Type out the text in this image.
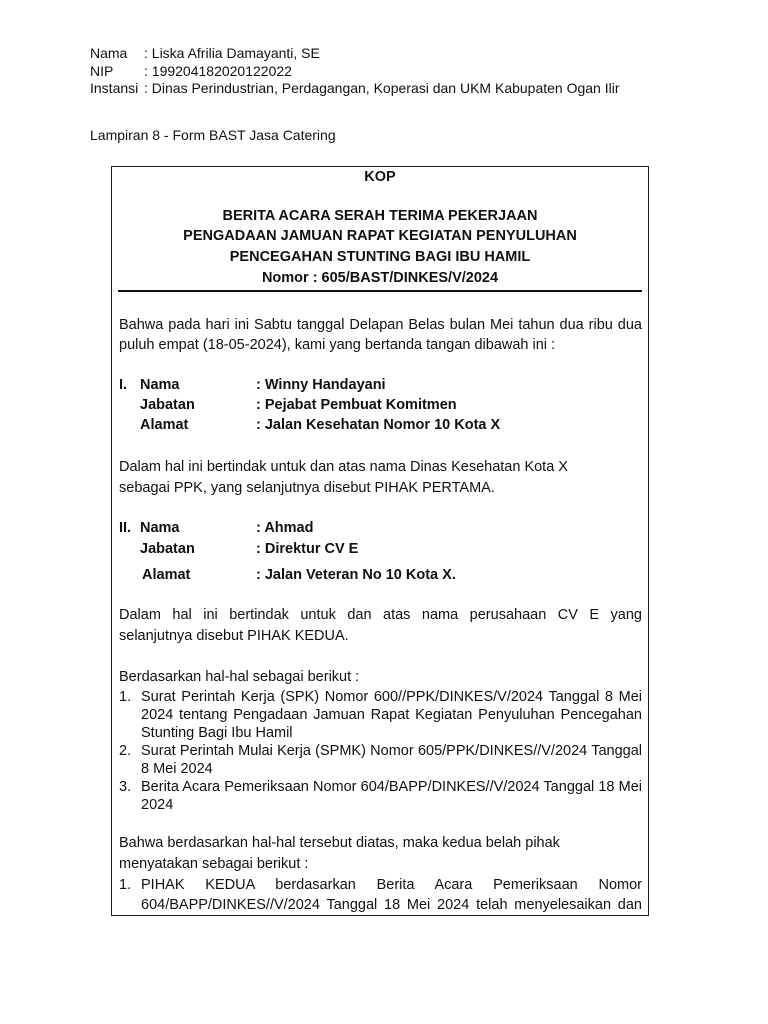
Nama : Liska Afrilia Damayanti, SE
NIP : 199204182020122022
Instansi : Dinas Perindustrian, Perdagangan, Koperasi dan UKM Kabupaten Ogan Ilir
Lampiran 8 - Form BAST Jasa Catering
KOP
BERITA ACARA SERAH TERIMA PEKERJAAN
PENGADAAN JAMUAN RAPAT KEGIATAN PENYULUHAN
PENCEGAHAN STUNTING BAGI IBU HAMIL
Nomor : 605/BAST/DINKES/V/2024
Bahwa pada hari ini Sabtu tanggal Delapan Belas bulan Mei tahun dua ribu dua
puluh empat (18-05-2024), kami yang bertanda tangan dibawah ini :
I. Nama	: Winny Handayani
Jabatan	: Pejabat Pembuat Komitmen
Alamat	: Jalan Kesehatan Nomor 10 Kota X
Dalam hal ini bertindak untuk dan atas nama Dinas Kesehatan Kota X
sebagai PPK, yang selanjutnya disebut PIHAK PERTAMA.
II. Nama	: Ahmad
Jabatan	: Direktur CV E
Alamat	: Jalan Veteran No 10 Kota X.
Dalam hal ini bertindak untuk dan atas nama perusahaan CV E yang
selanjutnya disebut PIHAK KEDUA.
Berdasarkan hal-hal sebagai berikut :
1. Surat Perintah Kerja (SPK) Nomor 600//PPK/DINKES/V/2024 Tanggal 8 Mei 2024 tentang Pengadaan Jamuan Rapat Kegiatan Penyuluhan Pencegahan Stunting Bagi Ibu Hamil
2. Surat Perintah Mulai Kerja (SPMK) Nomor 605/PPK/DINKES//V/2024 Tanggal 8 Mei 2024
3. Berita Acara Pemeriksaan Nomor 604/BAPP/DINKES//V/2024 Tanggal 18 Mei 2024
Bahwa berdasarkan hal-hal tersebut diatas, maka kedua belah pihak
menyatakan sebagai berikut :
1. PIHAK KEDUA berdasarkan Berita Acara Pemeriksaan Nomor
604/BAPP/DINKES//V/2024 Tanggal 18 Mei 2024 telah menyelesaikan dan
